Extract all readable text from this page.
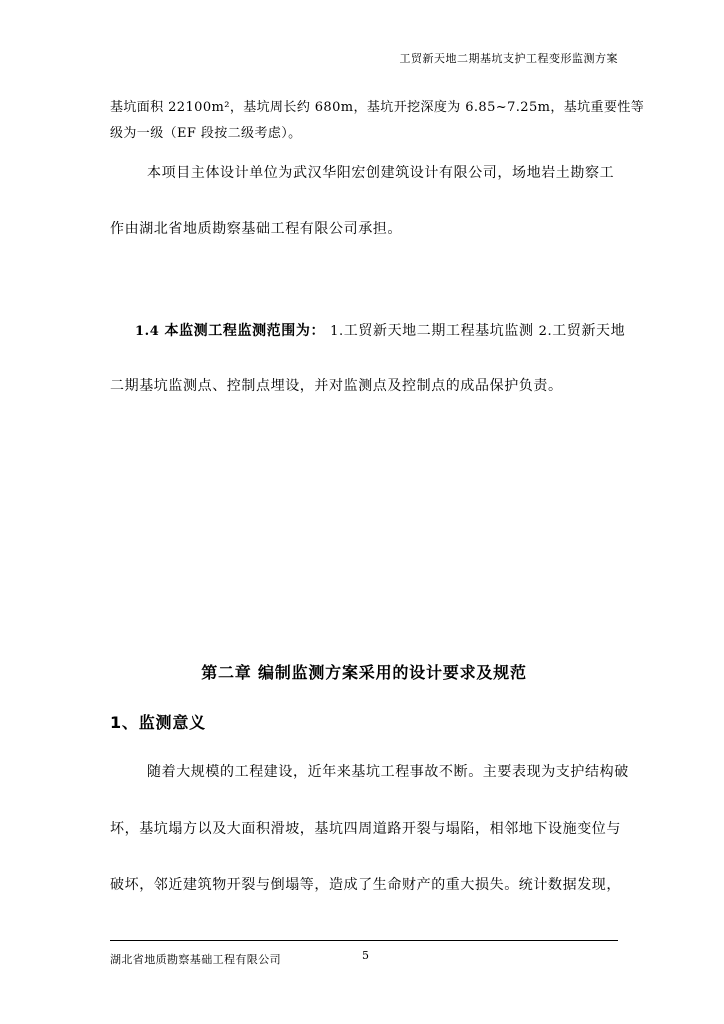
工贸新天地二期基坑支护工程变形监测方案
基坑面积 22100m²，基坑周长约 680m，基坑开挖深度为 6.85~7.25m，基坑重要性等
级为一级（EF 段按二级考虑）。
本项目主体设计单位为武汉华阳宏创建筑设计有限公司，场地岩土勘察工
作由湖北省地质勘察基础工程有限公司承担。
1.4 本监测工程监测范围为： 1.工贸新天地二期工程基坑监测 2.工贸新天地
二期基坑监测点、控制点埋设，并对监测点及控制点的成品保护负责。
第二章 编制监测方案采用的设计要求及规范
1、监测意义
随着大规模的工程建设，近年来基坑工程事故不断。主要表现为支护结构破
坏，基坑塌方以及大面积滑坡，基坑四周道路开裂与塌陷，相邻地下设施变位与
破坏，邻近建筑物开裂与倒塌等，造成了生命财产的重大损失。统计数据发现，
湖北省地质勘察基础工程有限公司	5
